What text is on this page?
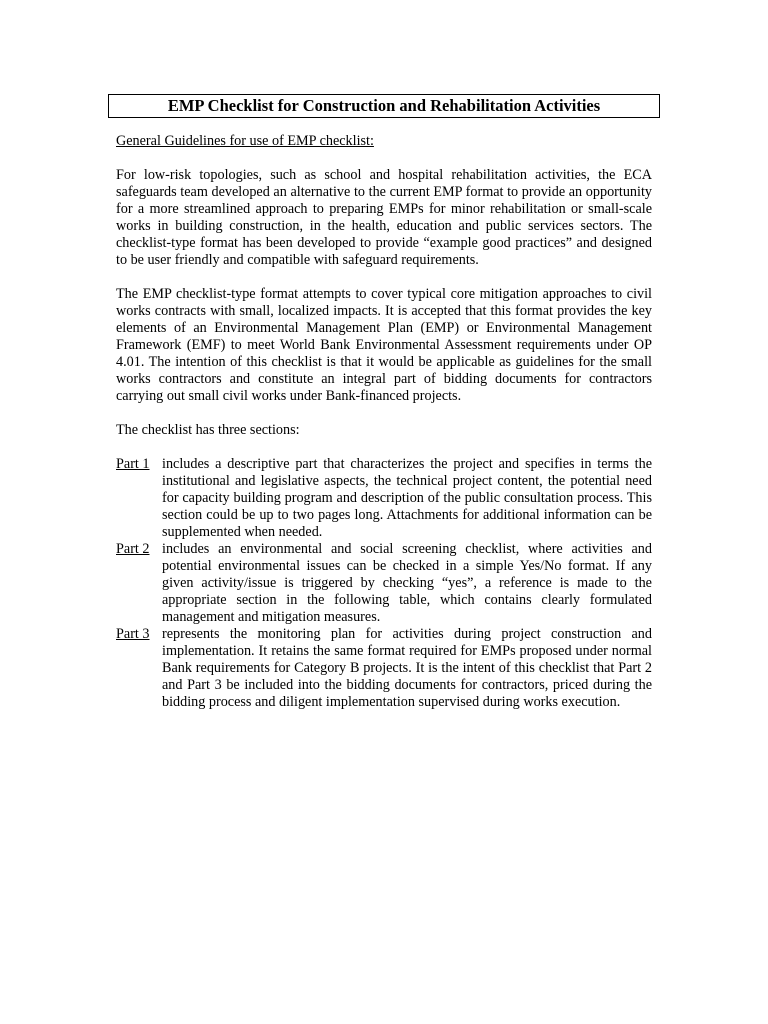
EMP Checklist for Construction and Rehabilitation Activities
General Guidelines for use of EMP checklist:

For low-risk topologies, such as school and hospital rehabilitation activities, the ECA safeguards team developed an alternative to the current EMP format to provide an opportunity for a more streamlined approach to preparing EMPs for minor rehabilitation or small-scale works in building construction, in the health, education and public services sectors. The checklist-type format has been developed to provide “example good practices” and designed to be user friendly and compatible with safeguard requirements.

The EMP checklist-type format attempts to cover typical core mitigation approaches to civil works contracts with small, localized impacts. It is accepted that this format provides the key elements of an Environmental Management Plan (EMP) or Environmental Management Framework (EMF) to meet World Bank Environmental Assessment requirements under OP 4.01. The intention of this checklist is that it would be applicable as guidelines for the small works contractors and constitute an integral part of bidding documents for contractors carrying out small civil works under Bank-financed projects.

The checklist has three sections:

Part 1 includes a descriptive part that characterizes the project and specifies in terms the institutional and legislative aspects, the technical project content, the potential need for capacity building program and description of the public consultation process. This section could be up to two pages long. Attachments for additional information can be supplemented when needed.
Part 2 includes an environmental and social screening checklist, where activities and potential environmental issues can be checked in a simple Yes/No format. If any given activity/issue is triggered by checking “yes”, a reference is made to the appropriate section in the following table, which contains clearly formulated management and mitigation measures.
Part 3 represents the monitoring plan for activities during project construction and implementation. It retains the same format required for EMPs proposed under normal Bank requirements for Category B projects. It is the intent of this checklist that Part 2 and Part 3 be included into the bidding documents for contractors, priced during the bidding process and diligent implementation supervised during works execution.
